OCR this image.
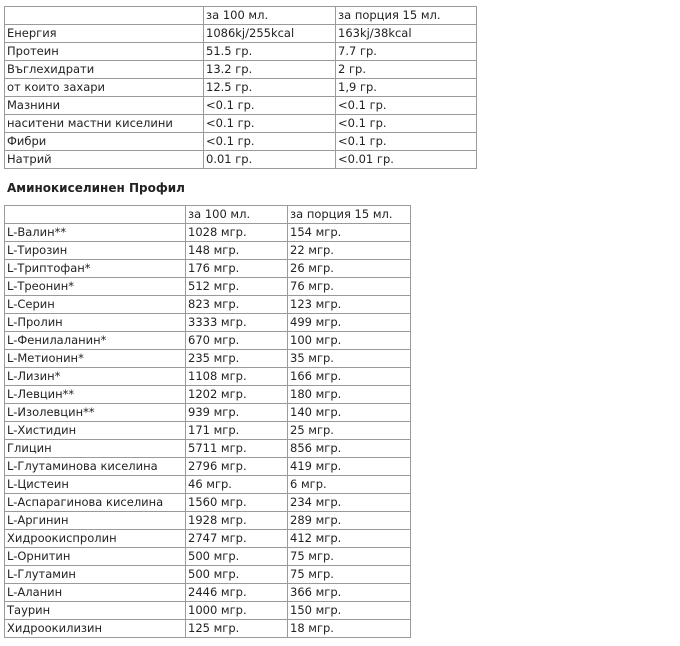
	за 100 мл.	за порция 15 мл.
Енергия	1086kj/255kcal	163kj/38kcal
Протеин	51.5 гр.	7.7 гр.
Въглехидрати	13.2 гр.	2 гр.
от които захари	12.5 гр.	1,9 гр.
Мазнини	<0.1 гр.	<0.1 гр.
наситени мастни киселини	<0.1 гр.	<0.1 гр.
Фибри	<0.1 гр.	<0.1 гр.
Натрий	0.01 гр.	<0.01 гр.
Аминокиселинен Профил
	за 100 мл.	за порция 15 мл.
L-Валин**	1028 мгр.	154 мгр.
L-Тирозин	148 мгр.	22 мгр.
L-Триптофан*	176 мгр.	26 мгр.
L-Треонин*	512 мгр.	76 мгр.
L-Серин	823 мгр.	123 мгр.
L-Пролин	3333 мгр.	499 мгр.
L-Фенилаланин*	670 мгр.	100 мгр.
L-Метионин*	235 мгр.	35 мгр.
L-Лизин*	1108 мгр.	166 мгр.
L-Левцин**	1202 мгр.	180 мгр.
L-Изолевцин**	939 мгр.	140 мгр.
L-Хистидин	171 мгр.	25 мгр.
Глицин	5711 мгр.	856 мгр.
L-Глутаминова киселина	2796 мгр.	419 мгр.
L-Цистеин	46 мгр.	6 мгр.
L-Аспарагинова киселина	1560 мгр.	234 мгр.
L-Аргинин	1928 мгр.	289 мгр.
Хидроокиспролин	2747 мгр.	412 мгр.
L-Орнитин	500 мгр.	75 мгр.
L-Глутамин	500 мгр.	75 мгр.
L-Аланин	2446 мгр.	366 мгр.
Таурин	1000 мгр.	150 мгр.
Хидроокилизин	125 мгр.	18 мгр.
